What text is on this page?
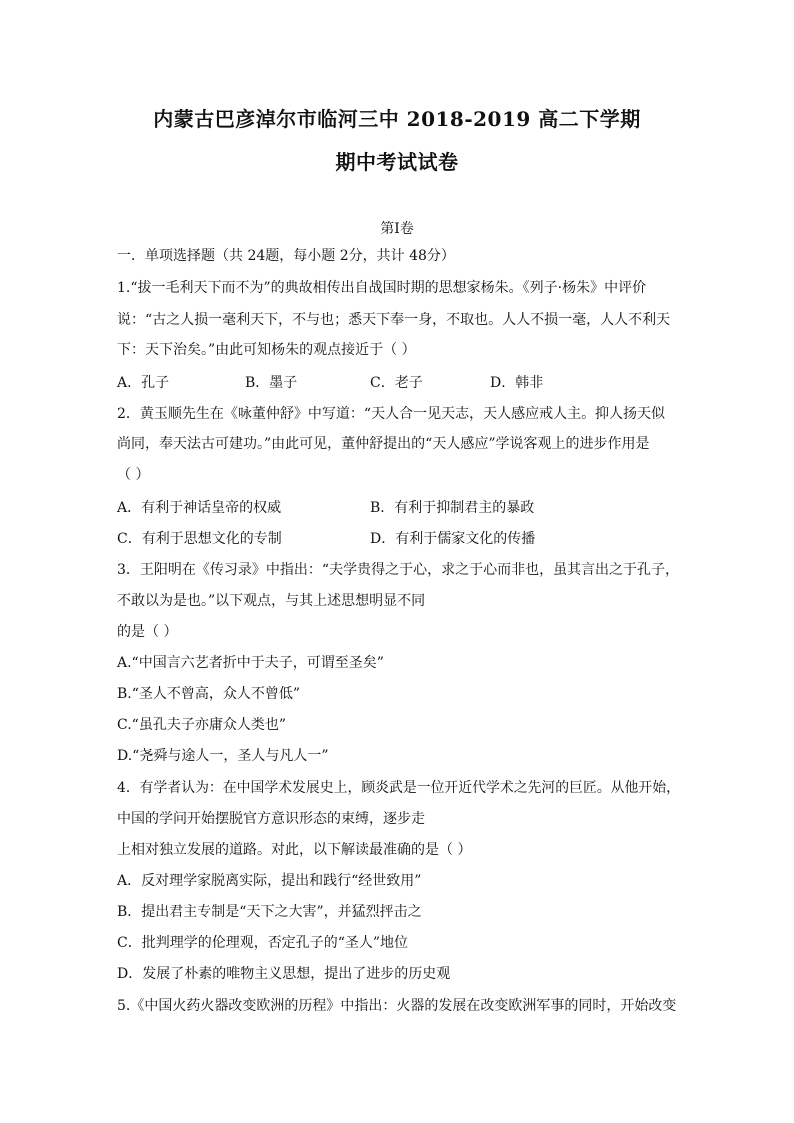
内蒙古巴彦淖尔市临河三中 2018-2019 高二下学期
期中考试试卷
第Ⅰ卷
一．单项选择题（共 24题，每小题 2分，共计 48分）
1.“拔一毛利天下而不为”的典故相传出自战国时期的思想家杨朱。《列子·杨朱》中评价
说：“古之人损一毫利天下，不与也；悉天下奉一身，不取也。人人不损一毫，人人不利天
下：天下治矣。”由此可知杨朱的观点接近于（ ）
A．孔子	B．墨子	C．老子	D．韩非
2．黄玉顺先生在《咏董仲舒》中写道：“天人合一见天志，天人感应戒人主。抑人扬天似
尚同，奉天法古可建功。”由此可见，董仲舒提出的“天人感应”学说客观上的进步作用是
（ ）
A．有利于神话皇帝的权威	B．有利于抑制君主的暴政
C．有利于思想文化的专制	D．有利于儒家文化的传播
3．王阳明在《传习录》中指出：“夫学贵得之于心，求之于心而非也，虽其言出之于孔子，
不敢以为是也。”以下观点，与其上述思想明显不同
的是（ ）
A.“中国言六艺者折中于夫子，可谓至圣矣”
B.“圣人不曾高，众人不曾低”
C.“虽孔夫子亦庸众人类也”
D.“尧舜与途人一，圣人与凡人一”
4．有学者认为：在中国学术发展史上，顾炎武是一位开近代学术之先河的巨匠。从他开始，
中国的学问开始摆脱官方意识形态的束缚，逐步走
上相对独立发展的道路。对此，以下解读最准确的是（ ）
A．反对理学家脱离实际，提出和践行“经世致用”
B．提出君主专制是“天下之大害”，并猛烈抨击之
C．批判理学的伦理观，否定孔子的“圣人”地位
D．发展了朴素的唯物主义思想，提出了进步的历史观
5.《中国火药火器改变欧洲的历程》中指出：火器的发展在改变欧洲军事的同时，开始改变
